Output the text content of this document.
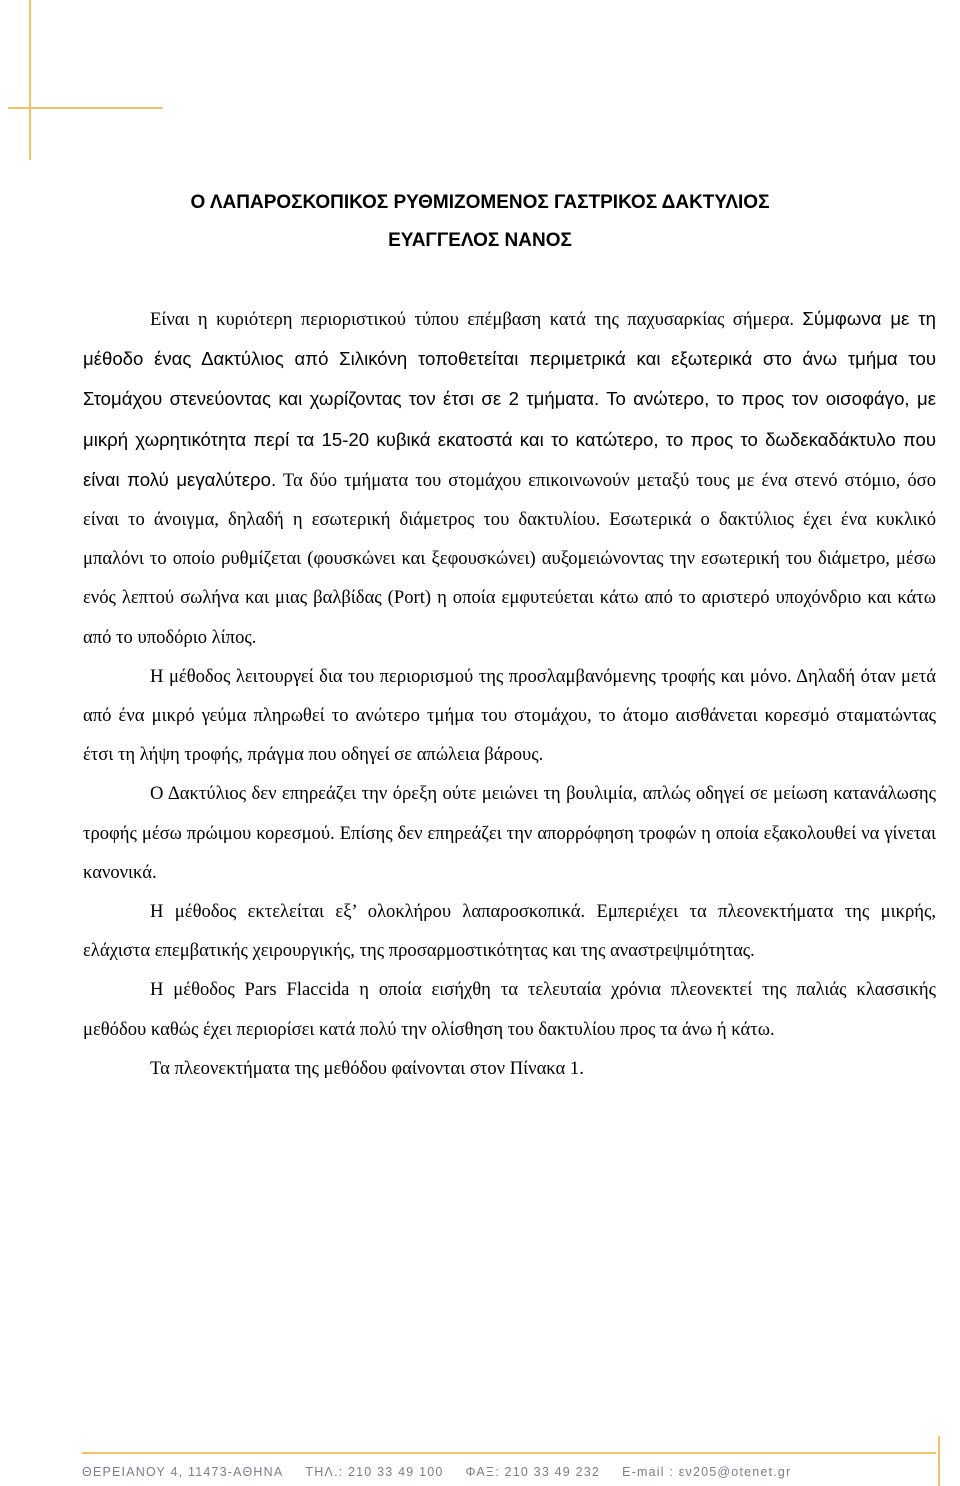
Ο ΛΑΠΑΡΟΣΚΟΠΙΚΟΣ ΡΥΘΜΙΖΟΜΕΝΟΣ ΓΑΣΤΡΙΚΟΣ ΔΑΚΤΥΛΙΟΣ
ΕΥΑΓΓΕΛΟΣ ΝΑΝΟΣ

Είναι η κυριότερη περιοριστικού τύπου επέμβαση κατά της παχυσαρκίας σήμερα. Σύμφωνα με τη μέθοδο ένας Δακτύλιος από Σιλικόνη τοποθετείται περιμετρικά και εξωτερικά στο άνω τμήμα του Στομάχου στενεύοντας και χωρίζοντας τον έτσι σε 2 τμήματα. Το ανώτερο, το προς τον οισοφάγο, με μικρή χωρητικότητα περί τα 15-20 κυβικά εκατοστά και το κατώτερο, το προς το δωδεκαδάκτυλο που είναι πολύ μεγαλύτερο. Τα δύο τμήματα του στομάχου επικοινωνούν μεταξύ τους με ένα στενό στόμιο, όσο είναι το άνοιγμα, δηλαδή η εσωτερική διάμετρος του δακτυλίου. Εσωτερικά ο δακτύλιος έχει ένα κυκλικό μπαλόνι το οποίο ρυθμίζεται (φουσκώνει και ξεφουσκώνει) αυξομειώνοντας την εσωτερική του διάμετρο, μέσω ενός λεπτού σωλήνα και μιας βαλβίδας (Port) η οποία εμφυτεύεται κάτω από το αριστερό υποχόνδριο και κάτω από το υποδόριο λίπος.

Η μέθοδος λειτουργεί δια του περιορισμού της προσλαμβανόμενης τροφής και μόνο. Δηλαδή όταν μετά από ένα μικρό γεύμα πληρωθεί το ανώτερο τμήμα του στομάχου, το άτομο αισθάνεται κορεσμό σταματώντας έτσι τη λήψη τροφής, πράγμα που οδηγεί σε απώλεια βάρους.

Ο Δακτύλιος δεν επηρεάζει την όρεξη ούτε μειώνει τη βουλιμία, απλώς οδηγεί σε μείωση κατανάλωσης τροφής μέσω πρώιμου κορεσμού. Επίσης δεν επηρεάζει την απορρόφηση τροφών η οποία εξακολουθεί να γίνεται κανονικά.

Η μέθοδος εκτελείται εξ’ ολοκλήρου λαπαροσκοπικά. Εμπεριέχει τα πλεονεκτήματα της μικρής, ελάχιστα επεμβατικής χειρουργικής, της προσαρμοστικότητας και της αναστρεψιμότητας.

Η μέθοδος Pars Flaccida η οποία εισήχθη τα τελευταία χρόνια πλεονεκτεί της παλιάς κλασσικής μεθόδου καθώς έχει περιορίσει κατά πολύ την ολίσθηση του δακτυλίου προς τα άνω ή κάτω.

Τα πλεονεκτήματα της μεθόδου φαίνονται στον Πίνακα 1.

ΘΕΡΕΙΑΝΟΥ 4, 11473-ΑΘΗΝΑ ΤΗΛ.: 210 33 49 100 ΦΑΞ: 210 33 49 232 E-mail : εν205@otenet.gr
